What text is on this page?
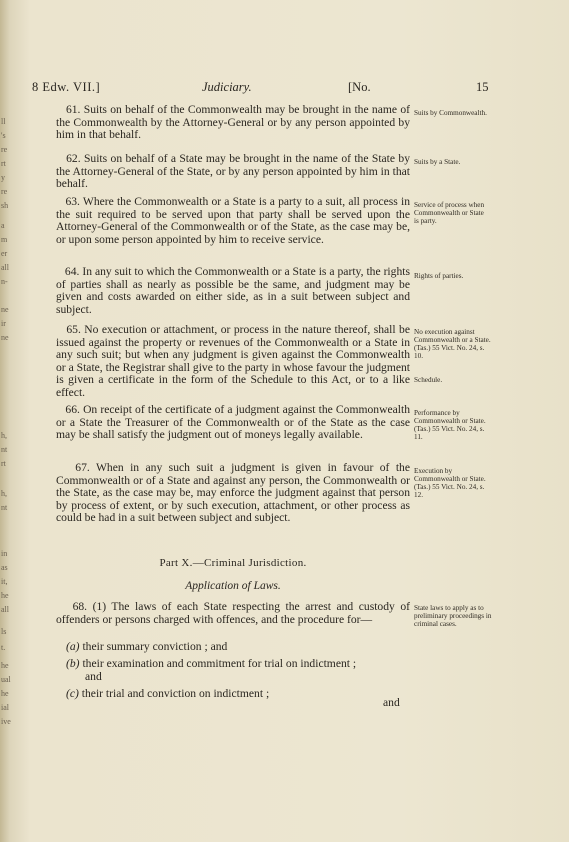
ll
's
re
rt
y
re
sh
a
m
er
all
n-
ne
ir
ne
h,
nt
rt
h,
nt
in
as
it,
he
all
ls
t.
he
ual
he
ial
ive
8 Edw. VII.]	Judiciary.	[No.	15
61. Suits on behalf of the Commonwealth may be brought in the name of the Commonwealth by the Attorney-General or by any person appointed by him in that behalf.
Suits by Commonwealth.
62. Suits on behalf of a State may be brought in the name of the State by the Attorney-General of the State, or by any person appointed by him in that behalf.
Suits by a State.
63. Where the Commonwealth or a State is a party to a suit, all process in the suit required to be served upon that party shall be served upon the Attorney-General of the Commonwealth or of the State, as the case may be, or upon some person appointed by him to receive service.
Service of process when Commonwealth or State is party.
64. In any suit to which the Commonwealth or a State is a party, the rights of parties shall as nearly as possible be the same, and judgment may be given and costs awarded on either side, as in a suit between subject and subject.
Rights of parties.
65. No execution or attachment, or process in the nature thereof, shall be issued against the property or revenues of the Commonwealth or a State in any such suit; but when any judgment is given against the Commonwealth or a State, the Registrar shall give to the party in whose favour the judgment is given a certificate in the form of the Schedule to this Act, or to a like effect.
No execution against Commonwealth or a State. (Tas.) 55 Vict. No. 24, s. 10.
Schedule.
66. On receipt of the certificate of a judgment against the Commonwealth or a State the Treasurer of the Commonwealth or of the State as the case may be shall satisfy the judgment out of moneys legally available.
Performance by Commonwealth or State. (Tas.) 55 Vict. No. 24, s. 11.
67. When in any such suit a judgment is given in favour of the Commonwealth or of a State and against any person, the Commonwealth or the State, as the case may be, may enforce the judgment against that person by process of extent, or by such execution, attachment, or other process as could be had in a suit between subject and subject.
Execution by Commonwealth or State. (Tas.) 55 Vict. No. 24, s. 12.
Part X.—Criminal Jurisdiction.
Application of Laws.
68. (1) The laws of each State respecting the arrest and custody of offenders or persons charged with offences, and the procedure for—
State laws to apply as to preliminary proceedings in criminal cases.
(a) their summary conviction ; and
(b) their examination and commitment for trial on indictment ;
and
(c) their trial and conviction on indictment ;
and
